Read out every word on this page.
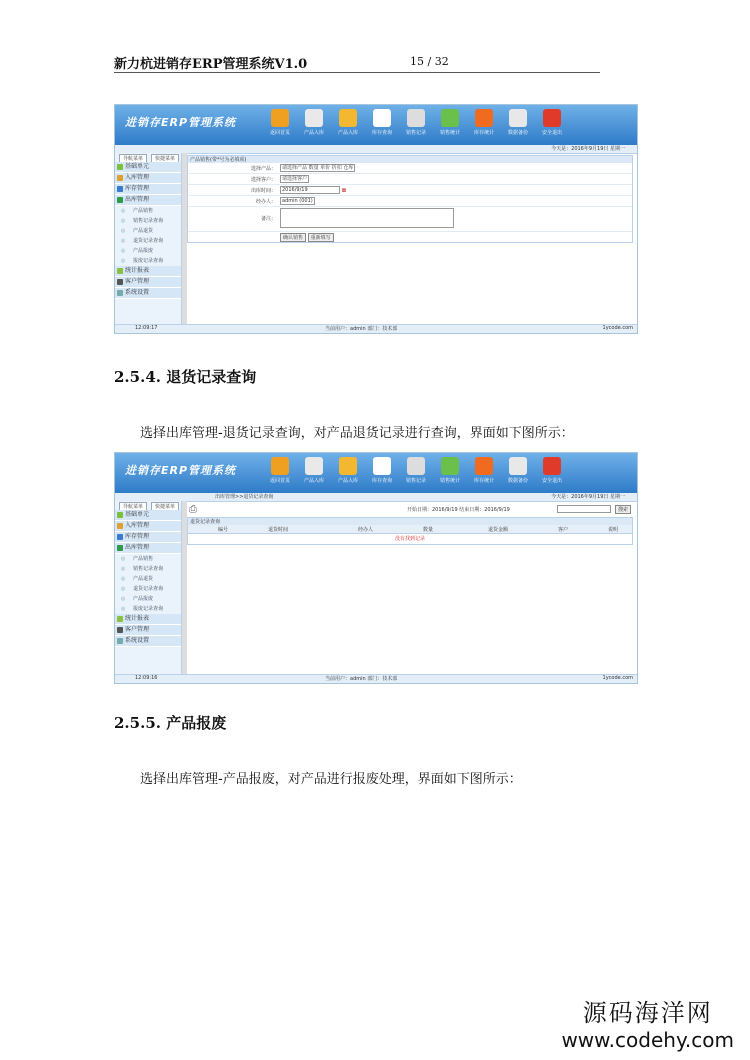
新力杭进销存ERP管理系统V1.0	15 / 32
进销存ERP管理系统
返回首页	产品入库	产品入库	库存查询	销售记录	销售统计	库存统计	数据备份	安全退出
今天是：2016年9月19日 星期一
导航菜单 快捷菜单
基础单元
入库管理
库存管理
出库管理
◎ 产品销售
◎ 销售记录查询
◎ 产品退货
◎ 退货记录查询
◎ 产品报废
◎ 报废记录查询
统计报表
客户管理
系统设置
产品销售(带*号为必填项)
选择产品：	请选择产品 数量 单价 折扣 仓库
选择客户：	请选择客户
出库时间：	2016/9/19	▦
经办人：	admin (001)
备注：
确认销售 重新填写
12:09:17	当前用户：admin 部门：技术部	1ycode.com
2.5.4. 退货记录查询
选择出库管理-退货记录查询，对产品退货记录进行查询，界面如下图所示：
进销存ERP管理系统
返回首页	产品入库	产品入库	库存查询	销售记录	销售统计	库存统计	数据备份	安全退出
出库管理>>退货记录查询	今天是：2016年9月19日 星期一
导航菜单 快捷菜单
基础单元
入库管理
库存管理
出库管理
◎ 产品销售
◎ 销售记录查询
◎ 产品退货
◎ 退货记录查询
◎ 产品报废
◎ 报废记录查询
统计报表
客户管理
系统设置
⎙	开始日期：2016/9/19 结束日期：2016/9/19	搜索
退货记录查询
编号	退货时间	经办人	数量	退货金额	客户	说明
没有找到记录
12:09:16	当前用户：admin 部门：技术部	1ycode.com
2.5.5. 产品报废
选择出库管理-产品报废，对产品进行报废处理，界面如下图所示：
源码海洋网
www.codehy.com
